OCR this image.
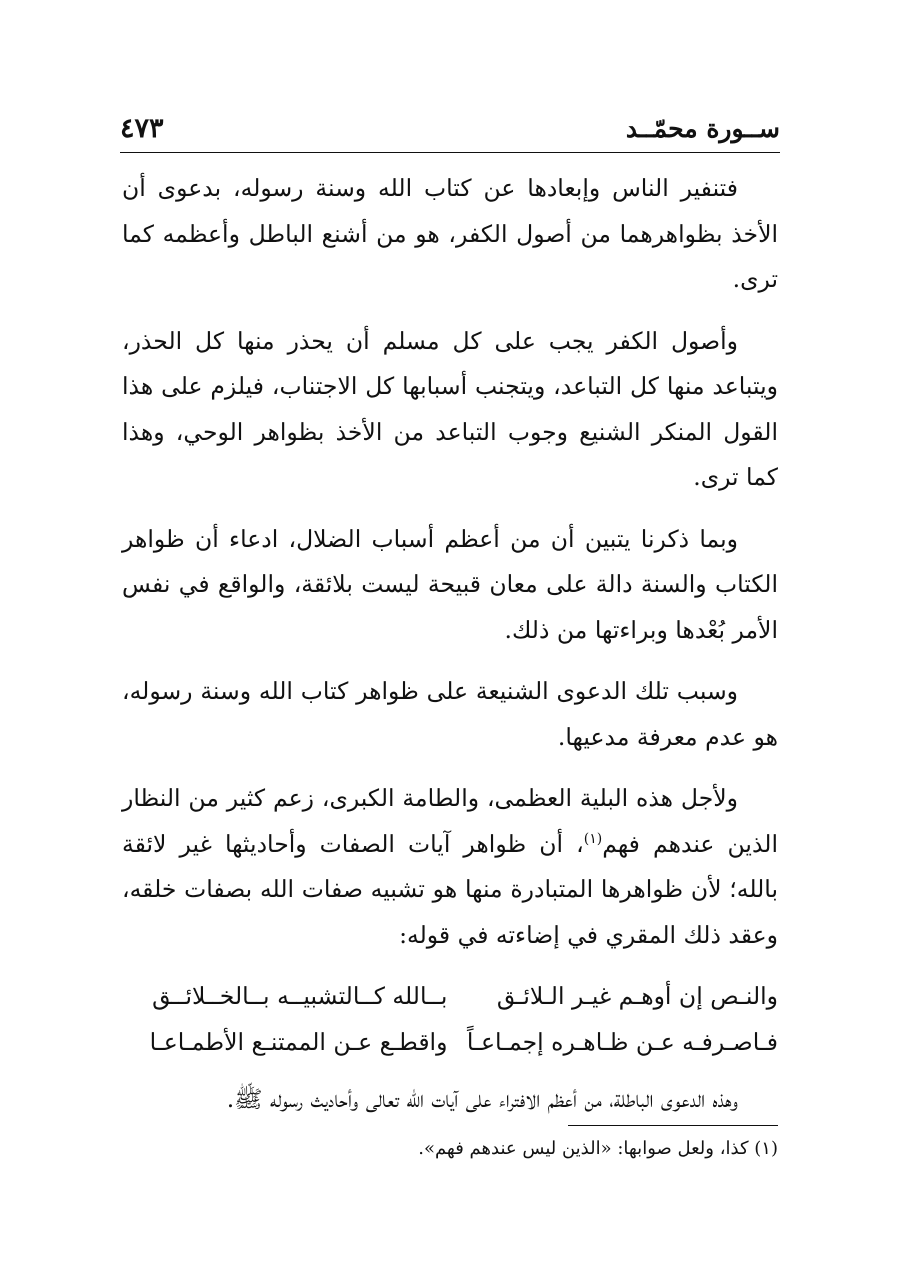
ســورة محمّــد
٤٧٣

فتنفير الناس وإبعادها عن كتاب الله وسنة رسوله، بدعوى أن الأخذ بظواهرهما من أصول الكفر، هو من أشنع الباطل وأعظمه كما ترى.

وأصول الكفر يجب على كل مسلم أن يحذر منها كل الحذر، ويتباعد منها كل التباعد، ويتجنب أسبابها كل الاجتناب، فيلزم على هذا القول المنكر الشنيع وجوب التباعد من الأخذ بظواهر الوحي، وهذا كما ترى.

وبما ذكرنا يتبين أن من أعظم أسباب الضلال، ادعاء أن ظواهر الكتاب والسنة دالة على معان قبيحة ليست بلائقة، والواقع في نفس الأمر بُعْدها وبراءتها من ذلك.

وسبب تلك الدعوى الشنيعة على ظواهر كتاب الله وسنة رسوله، هو عدم معرفة مدعيها.

ولأجل هذه البلية العظمى، والطامة الكبرى، زعم كثير من النظار الذين عندهم فهم$^{(١)}$، أن ظواهر آيات الصفات وأحاديثها غير لائقة بالله؛ لأن ظواهرها المتبادرة منها هو تشبيه صفات الله بصفات خلقه، وعقد ذلك المقري في إضاءته في قوله:

والنـص إن أوهـم غيـر الـلائـق
بــالله كــالتشبيــه بــالخــلائــق
فـاصـرفـه عـن ظـاهـره إجمـاعـاً
واقطـع عـن الممتنـع الأطمـاعـا

وهذه الدعوى الباطلة، من أعظم الافتراء على آيات الله تعالى وأحاديث رسوله ﷺ.

(١) كذا، ولعل صوابها: «الذين ليس عندهم فهم».
